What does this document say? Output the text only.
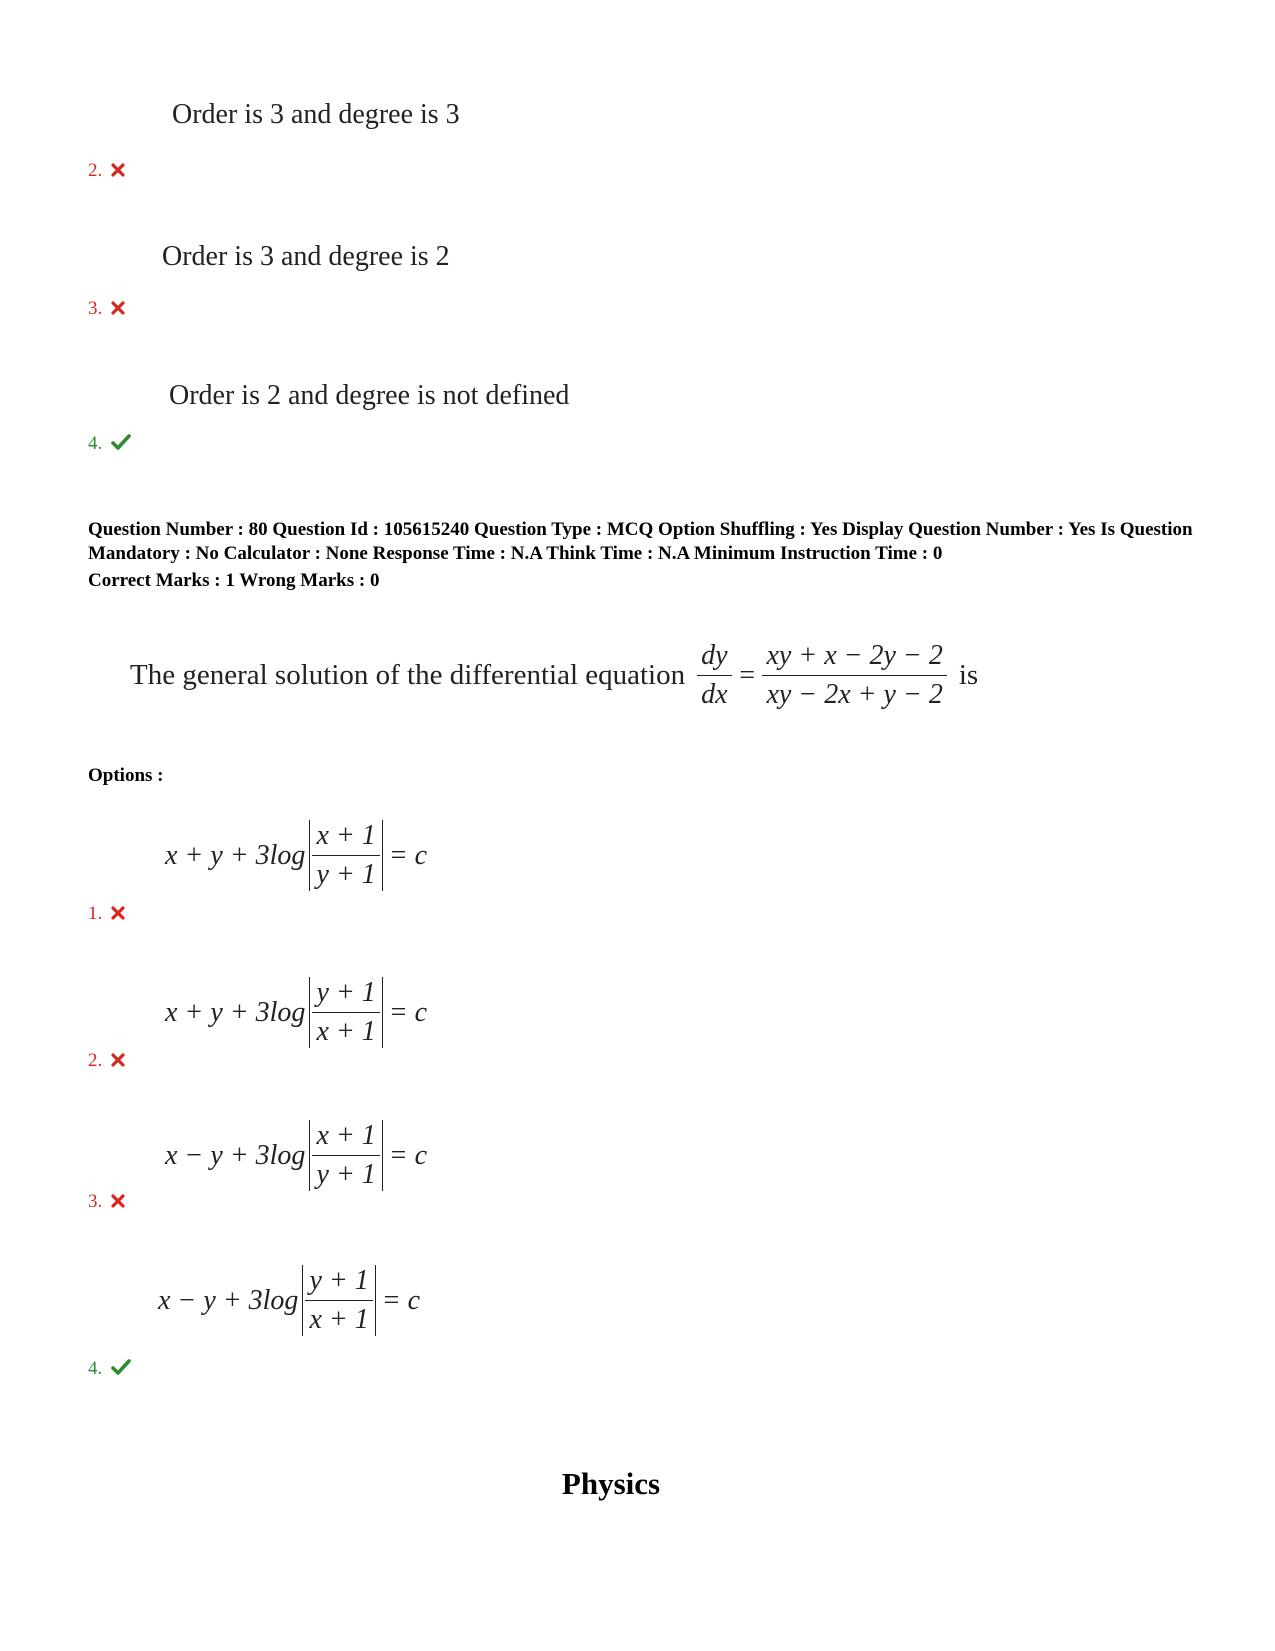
Order is 3 and degree is 3
2.
Order is 3 and degree is 2
3.
Order is 2 and degree is not defined
4.
Question Number : 80 Question Id : 105615240 Question Type : MCQ Option Shuffling : Yes Display Question Number : Yes Is Question Mandatory : No Calculator : None Response Time : N.A Think Time : N.A Minimum Instruction Time : 0
Correct Marks : 1 Wrong Marks : 0
The general solution of the differential equation $\frac{dy}{dx} = \frac{xy + x - 2y - 2}{xy - 2x + y - 2}$ is
Options :
$x + y + 3\log \frac{x + 1}{y + 1} = c$
1.
$x + y + 3\log \frac{y + 1}{x + 1} = c$
2.
$x - y + 3\log \frac{x + 1}{y + 1} = c$
3.
$x - y + 3\log \frac{y + 1}{x + 1} = c$
4.
Physics
